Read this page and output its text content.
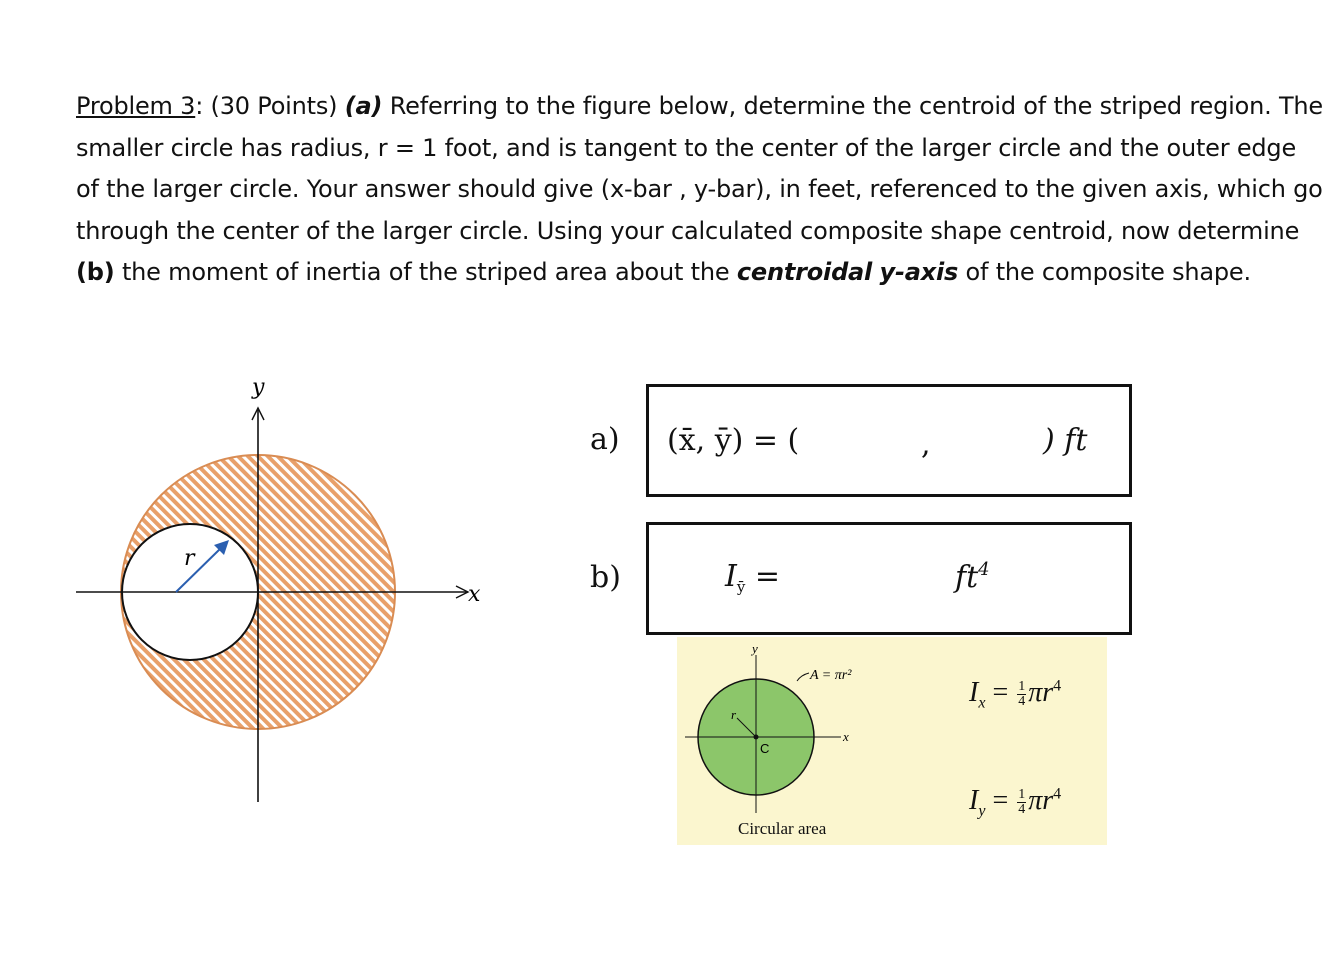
Problem 3: (30 Points) (a) Referring to the figure below, determine the centroid of the striped region. The smaller circle has radius, r = 1 foot, and is tangent to the center of the larger circle and the outer edge of the larger circle. Your answer should give (x-bar , y-bar), in feet, referenced to the given axis, which go through the center of the larger circle. Using your calculated composite shape centroid, now determine (b) the moment of inertia of the striped area about the centroidal y-axis of the composite shape.
y
x
r
a) (x̄, ȳ) = (	,	) ft
b)	$I_ȳ$ =	$ft^4$
y
x
r
C
A = πr²
Circular area
$I_x = \frac{1}{4} \pi r^4$
$I_y = \frac{1}{4} \pi r^4$
